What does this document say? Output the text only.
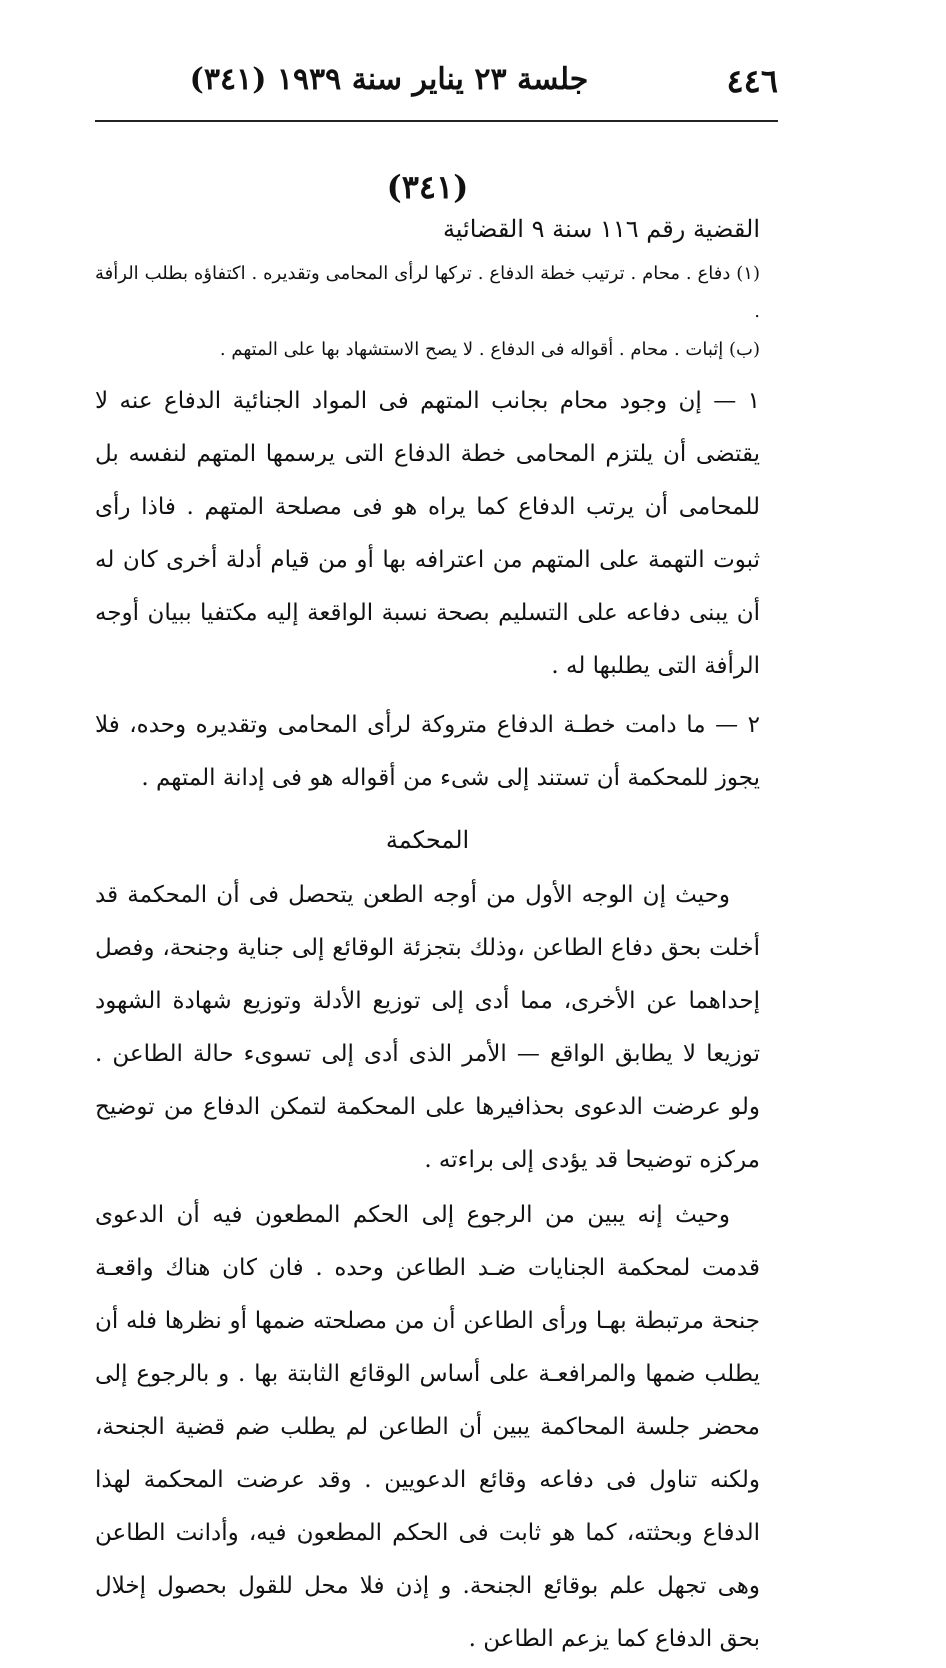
٤٤٦
جلسة ٢٣ يناير سنة ١٩٣٩ (٣٤١)
(٣٤١)
القضية رقم ١١٦ سنة ٩ القضائية

(١) دفاع . محام . ترتيب خطة الدفاع . تركها لرأى المحامى وتقديره . اكتفاؤه بطلب الرأفة .

(ب) إثبات . محام . أقواله فى الدفاع . لا يصح الاستشهاد بها على المتهم .

١ — إن وجود محام بجانب المتهم فى المواد الجنائية الدفاع عنه لا يقتضى أن يلتزم المحامى خطة الدفاع التى يرسمها المتهم لنفسه بل للمحامى أن يرتب الدفاع كما يراه هو فى مصلحة المتهم . فاذا رأى ثبوت التهمة على المتهم من اعترافه بها أو من قيام أدلة أخرى كان له أن يبنى دفاعه على التسليم بصحة نسبة الواقعة إليه مكتفيا ببيان أوجه الرأفة التى يطلبها له .

٢ — ما دامت خطـة الدفاع متروكة لرأى المحامى وتقديره وحده، فلا يجوز للمحكمة أن تستند إلى شىء من أقواله هو فى إدانة المتهم .

المحكمة

وحيث إن الوجه الأول من أوجه الطعن يتحصل فى أن المحكمة قد أخلت بحق دفاع الطاعن ،وذلك بتجزئة الوقائع إلى جناية وجنحة، وفصل إحداهما عن الأخرى، مما أدى إلى توزيع الأدلة وتوزيع شهادة الشهود توزيعا لا يطابق الواقع — الأمر الذى أدى إلى تسوىء حالة الطاعن . ولو عرضت الدعوى بحذافيرها على المحكمة لتمكن الدفاع من توضيح مركزه توضيحا قد يؤدى إلى براءته .

وحيث إنه يبين من الرجوع إلى الحكم المطعون فيه أن الدعوى قدمت لمحكمة الجنايات ضـد الطاعن وحده . فان كان هناك واقعـة جنحة مرتبطة بهـا ورأى الطاعن أن من مصلحته ضمها أو نظرها فله أن يطلب ضمها والمرافعـة على أساس الوقائع الثابتة بها . و بالرجوع إلى محضر جلسة المحاكمة يبين أن الطاعن لم يطلب ضم قضية الجنحة، ولكنه تناول فى دفاعه وقائع الدعويين . وقد عرضت المحكمة لهذا الدفاع وبحثته، كما هو ثابت فى الحكم المطعون فيه، وأدانت الطاعن وهى تجهل علم بوقائع الجنحة. و إذن فلا محل للقول بحصول إخلال بحق الدفاع كما يزعم الطاعن .
